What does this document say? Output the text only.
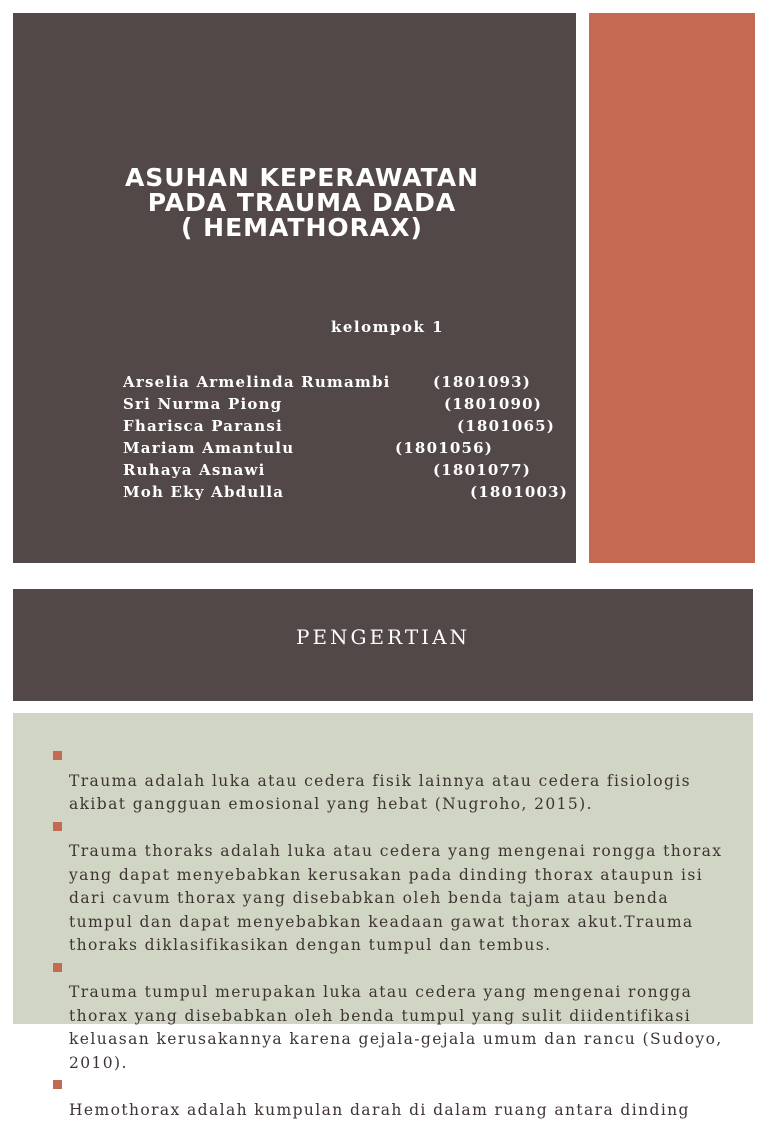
ASUHAN KEPERAWATAN
PADA TRAUMA DADA
( HEMATHORAX)
kelompok 1
Arselia Armelinda Rumambi	(1801093)
Sri Nurma Piong	(1801090)
Fharisca Paransi	(1801065)
Mariam Amantulu	(1801056)
Ruhaya Asnawi	(1801077)
Moh Eky Abdulla	(1801003)
PENGERTIAN

Trauma adalah luka atau cedera fisik lainnya atau cedera fisiologis
akibat gangguan emosional yang hebat (Nugroho, 2015).

Trauma thoraks adalah luka atau cedera yang mengenai rongga thorax
yang dapat menyebabkan kerusakan pada dinding thorax ataupun isi
dari cavum thorax yang disebabkan oleh benda tajam atau benda
tumpul dan dapat menyebabkan keadaan gawat thorax akut.Trauma
thoraks diklasifikasikan dengan tumpul dan tembus.

Trauma tumpul merupakan luka atau cedera yang mengenai rongga
thorax yang disebabkan oleh benda tumpul yang sulit diidentifikasi
keluasan kerusakannya karena gejala-gejala umum dan rancu (Sudoyo,
2010).

Hemothorax adalah kumpulan darah di dalam ruang antara dinding
